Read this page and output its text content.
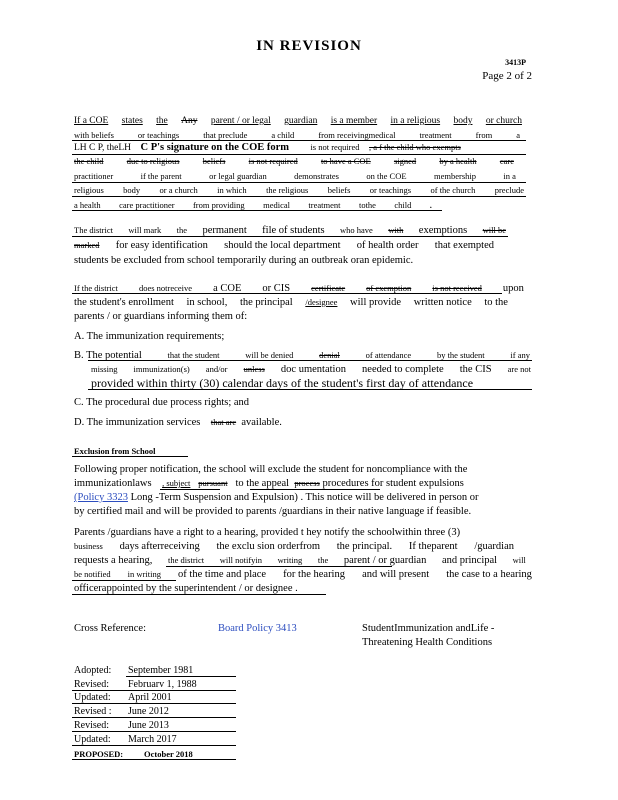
IN REVISION
3413P
Page 2 of 2
If a COE states the Any parent / or legal guardian is a member in a religious body or church
with beliefs	or teachings	that preclude	a child	from receivingmedical	treatment	from	a
LH C P, theLH C P's signature on the COE form	is not required , a f the child who exempts
the child	due to religious	beliefs	is not required	to have a COE	signed	by a health	care
practitioner	if the parent	or legal guardian	demonstrates	on the COE	membership	in a
religious body or a church in which the religious beliefs or teachings of the church preclude
a health care practitioner from providing medical treatment tothe child .
The district will mark the permanent file of students who have with exemptions will be
marked for easy identification should the local department of health order that exempted
students be excluded from school temporarily during an outbreak oran epidemic.
If the district does notreceive a COE or CIS certificate of exemption is not received upon
the student's enrollment in school, the principal /designee will provide written notice to the
parents / or guardians informing them of:
A. The immunization requirements;
B. The potential	that the student	will be denied	denial	of attendance	by the student	if any
missing immunization(s) and/or unless doc umentation needed to complete the CIS are not
provided within thirty (30) calendar days of the student's first day of attendance
C. The procedural due process rights; and
D. The immunization services that are available.
Exclusion from School
Following proper notification, the school will exclude the student for noncompliance with the
immunizationlaws , subject pursuant to the appeal process procedures for student expulsions
(Policy 3323 Long -Term Suspension and Expulsion) . This notice will be delivered in person or
by certified mail and will be provided to parents /guardians in their native language if feasible.
Parents /guardians have a right to a hearing, provided t hey notify the schoolwithin three (3)
business days afterreceiving the exclu sion orderfrom the principal. If theparent /guardian
requests a hearing, the district will notifyin writing the parent / or guardian and principal will
be notified in writing of the time and place for the hearing and will present the case to a hearing
officerappointed by the superintendent / or designee .
Cross Reference:	Board Policy 3413	StudentImmunization andLife -
Threatening Health Conditions
Adopted: September 1981
Revised: Februarv 1, 1988
Updated: April 2001
Revised : June 2012
Revised: June 2013
Updated: March 2017
PROPOSED: October 2018
